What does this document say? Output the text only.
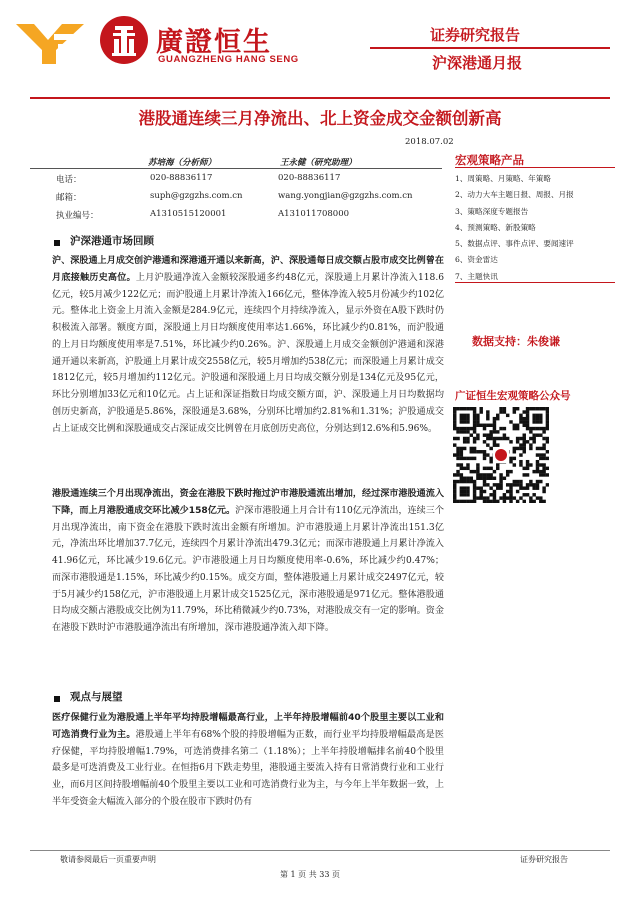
廣證恒生
GUANGZHENG HANG SENG
证券研究报告
沪深港通月报
港股通连续三月净流出、北上资金成交金额创新高
2018.07.02
苏培海（分析师）	王永健（研究助理）
电话：	020-88836117	020-88836117
邮箱：	suph@gzgzhs.com.cn	wang.yongjian@gzgzhs.com.cn
执业编号：	A1310515120001	A131011708000
沪深港通市场回顾
沪、深股通上月成交创沪港通和深港通开通以来新高，沪、深股通每日成交额占股市成交比例曾在月底接触历史高位。上月沪股通净流入金额较深股通多约48亿元，深股通上月累计净流入118.6亿元，较5月减少122亿元；而沪股通上月累计净流入166亿元，整体净流入较5月份减少约102亿元。整体北上资金上月流入金额是284.9亿元，连续四个月持续净流入，显示外资在A股下跌时仍积极流入部署。额度方面，深股通上月日均额度使用率达1.66%，环比减少约0.81%，而沪股通的上月日均额度使用率是7.51%，环比减少约0.26%。沪、深股通上月成交金额创沪港通和深港通开通以来新高，沪股通上月累计成交2558亿元，较5月增加约538亿元；而深股通上月累计成交1812亿元，较5月增加约112亿元。沪股通和深股通上月日均成交额分别是134亿元及95亿元，环比分别增加33亿元和10亿元。占上证和深证指数日均成交额方面，沪、深股通上月日均数据均创历史新高，沪股通是5.86%，深股通是3.68%，分别环比增加约2.81%和1.31%；沪股通成交占上证成交比例和深股通成交占深证成交比例曾在月底创历史高位，分别达到12.6%和5.96%。
港股通连续三个月出现净流出，资金在港股下跌时拖过沪市港股通流出增加，经过深市港股通流入下降，而上月港股通成交环比减少158亿元。沪深市港股通上月合计有110亿元净流出，连续三个月出现净流出，南下资金在港股下跌时流出金额有所增加。沪市港股通上月累计净流出151.3亿元，净流出环比增加37.7亿元，连续四个月累计净流出479.3亿元；而深市港股通上月累计净流入41.96亿元，环比减少19.6亿元。沪市港股通上月日均额度使用率-0.6%，环比减少约0.47%；而深市港股通是1.15%，环比减少约0.15%。成交方面，整体港股通上月累计成交2497亿元，较于5月减少约158亿元，沪市港股通上月累计成交1525亿元，深市港股通是971亿元。整体港股通日均成交额占港股成交比例为11.79%，环比稍微减少约0.73%，对港股成交有一定的影响。资金在港股下跌时沪市港股通净流出有所增加，深市港股通净流入却下降。
观点与展望
医疗保健行业为港股通上半年平均持股增幅最高行业，上半年持股增幅前40个股里主要以工业和可选消费行业为主。港股通上半年有68%个股的持股增幅为正数，而行业平均持股增幅最高是医疗保健，平均持股增幅1.79%，可选消费排名第二（1.18%）；上半年持股增幅排名前40个股里最多是可选消费及工业行业。在恒指6月下跌走势里，港股通主要流入持有日常消费行业和工业行业，而6月区间持股增幅前40个股里主要以工业和可选消费行业为主，与今年上半年数据一致，上半年受资金大幅流入部分的个股在股市下跌时仍有
宏观策略产品
1、周策略、月策略、年策略
2、动力大车主题日报、周报、月报
3、策略深度专题报告
4、预测策略、新股策略
5、数据点评、事件点评、要闻速评
6、资金雷达
7、主题快讯
数据支持：朱俊谦
广证恒生宏观策略公众号
敬请参阅最后一页重要声明	证券研究报告
第 1 页 共 33 页
